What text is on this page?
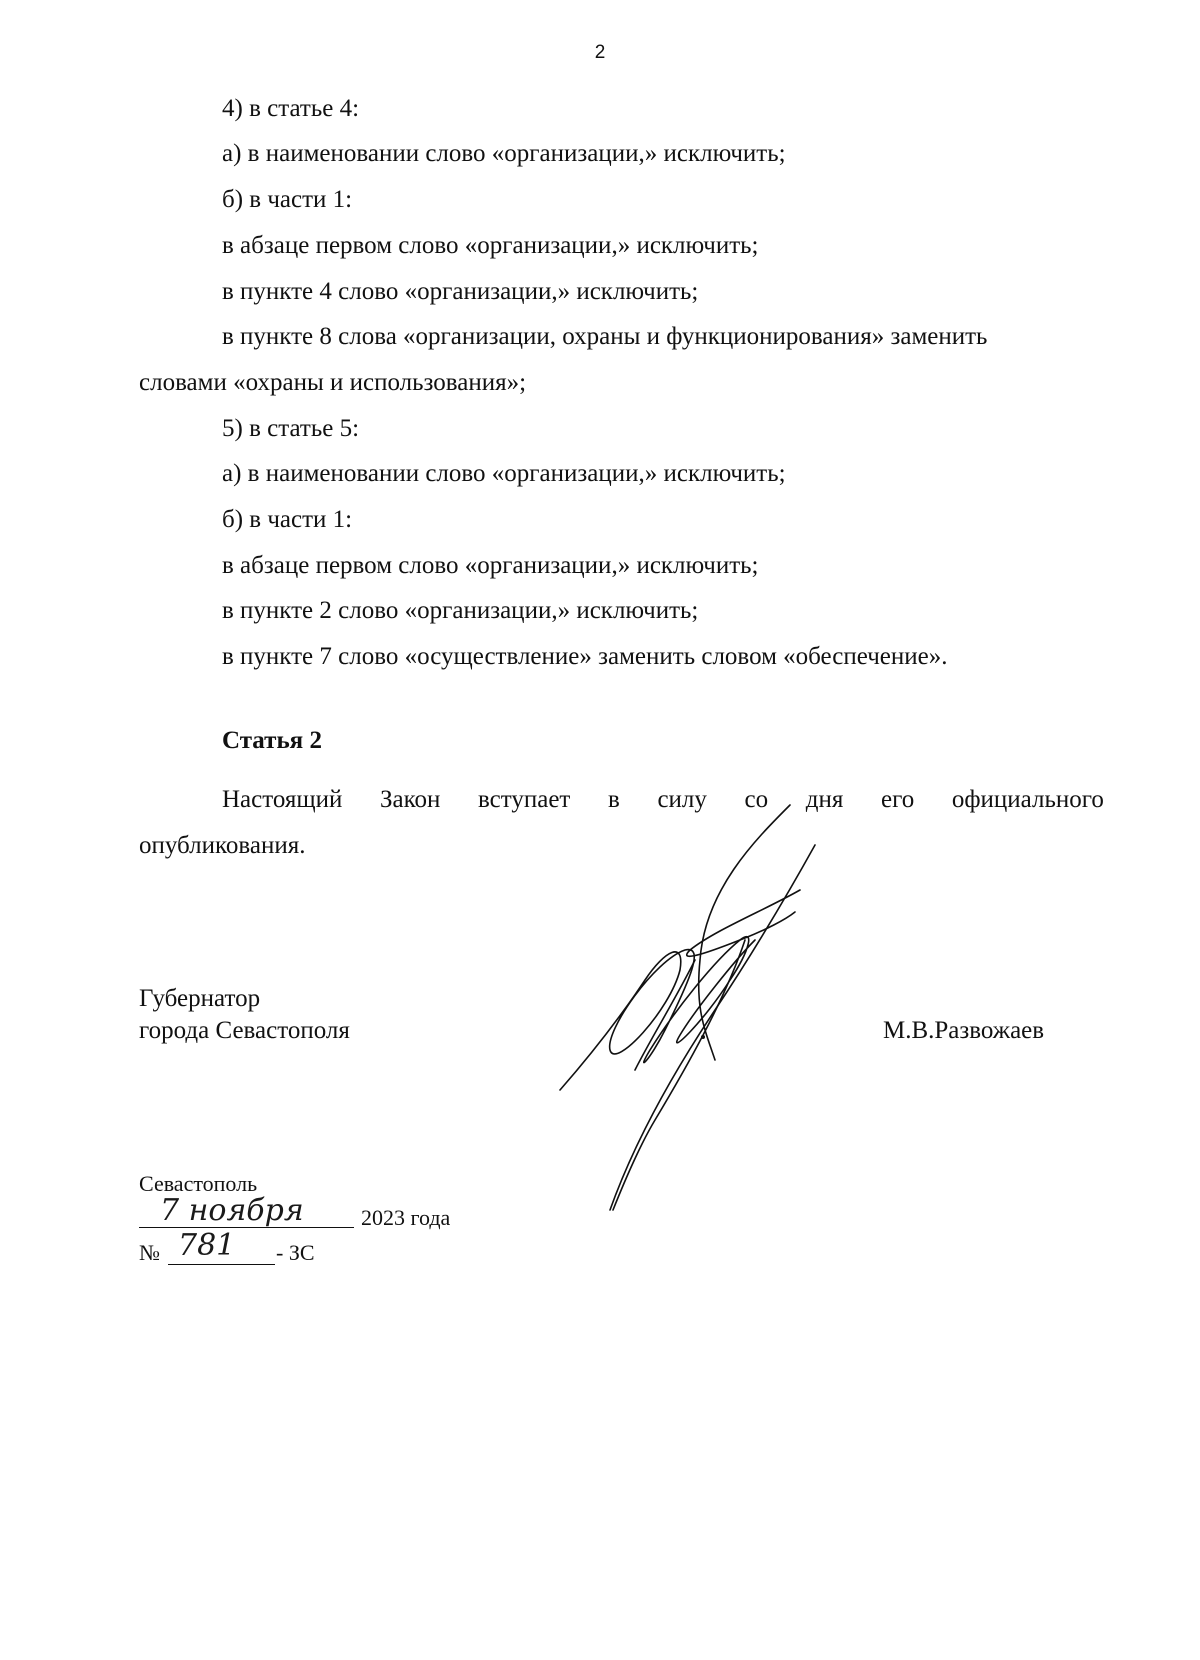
2
4) в статье 4:
а) в наименовании слово «организации,» исключить;
б) в части 1:
в абзаце первом слово «организации,» исключить;
в пункте 4 слово «организации,» исключить;
в пункте 8 слова «организации, охраны и функционирования» заменить
словами «охраны и использования»;
5) в статье 5:
а) в наименовании слово «организации,» исключить;
б) в части 1:
в абзаце первом слово «организации,» исключить;
в пункте 2 слово «организации,» исключить;
в пункте 7 слово «осуществление» заменить словом «обеспечение».
Статья 2
Настоящий Закон вступает в силу со дня его официального
опубликования.
Губернатор
города Севастополя	М.В.Развожаев
Севастополь
7 ноября	2023 года
№ 781 - ЗС
